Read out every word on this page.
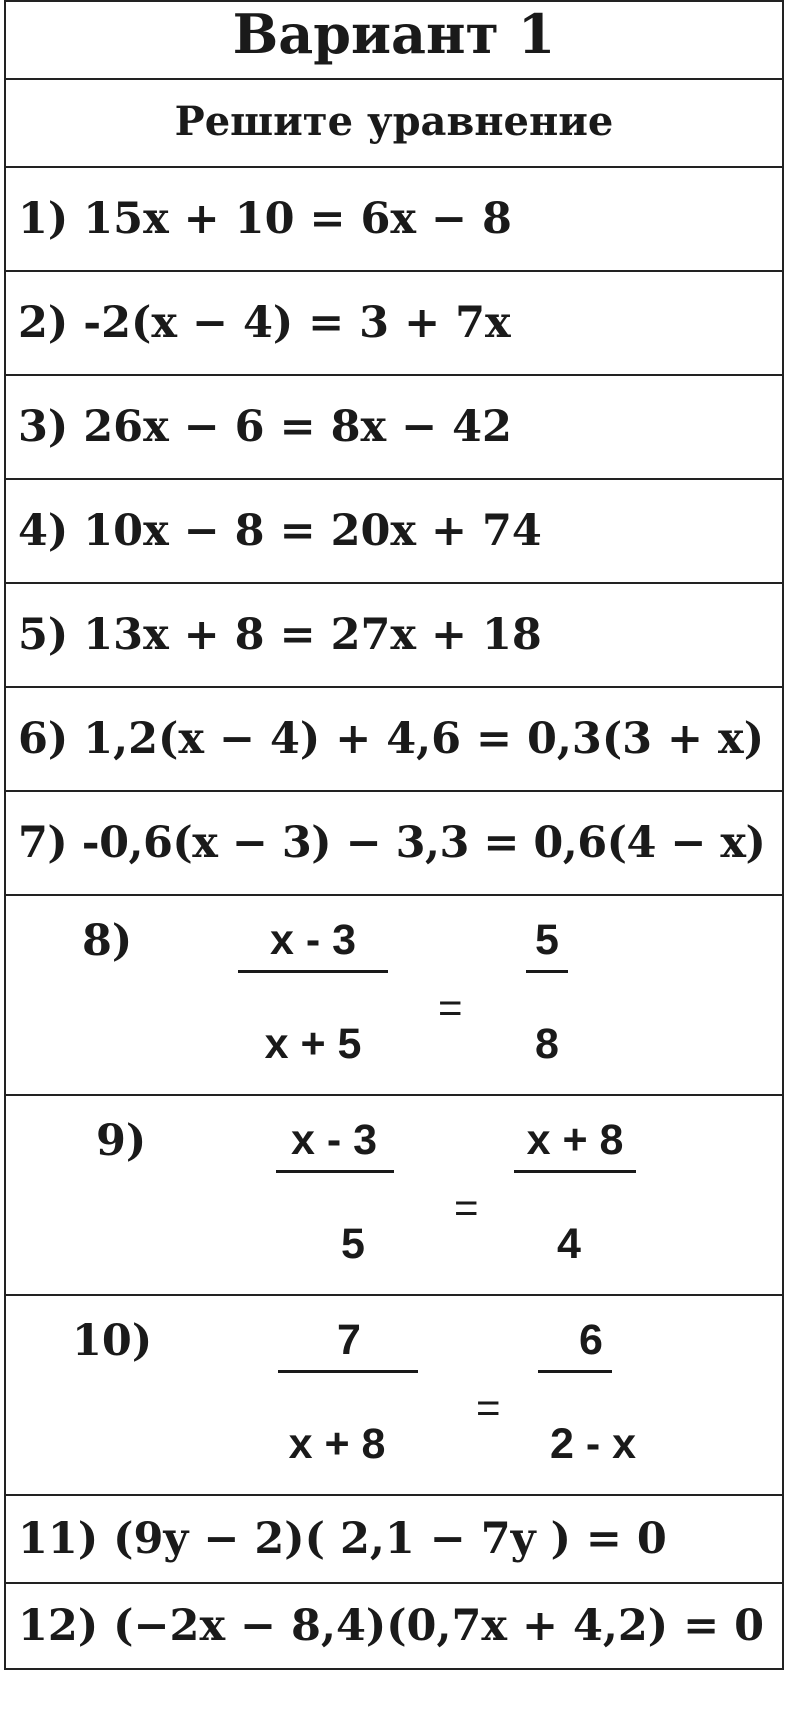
Вариант 1
Решите уравнение
1) 15x + 10 = 6x − 8
2) -2(x − 4) = 3 + 7x
3) 26x − 6 = 8x − 42
4) 10x − 8 = 20x + 74
5) 13x + 8 = 27x + 18
6) 1,2(x − 4) + 4,6 = 0,3(3 + x)
7) -0,6(x − 3) − 3,3 = 0,6(4 − x)
8)	x - 3
x + 5
=
5
8
9)	x - 3
5
=
x + 8
4
10)	7
x + 8
=
6
2 - x
11) (9y − 2)( 2,1 − 7y ) = 0
12) (−2x − 8,4)(0,7x + 4,2) = 0
